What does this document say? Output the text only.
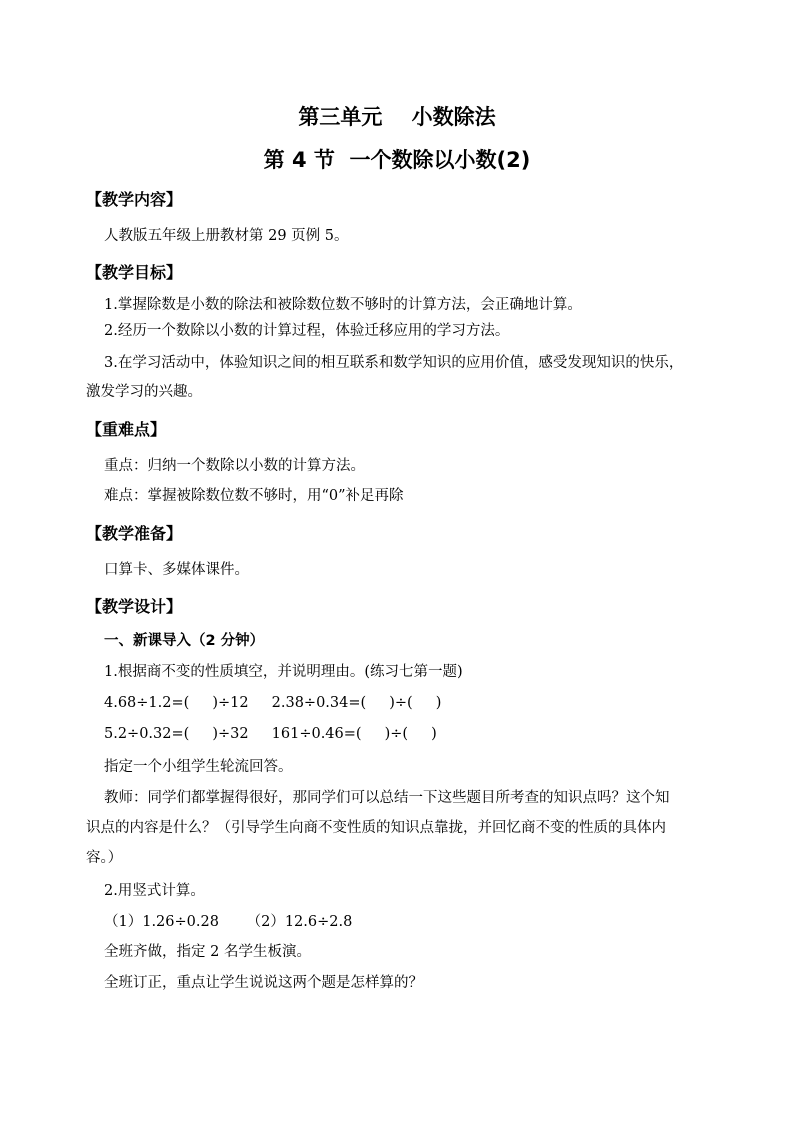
第三单元    小数除法
第 4 节  一个数除以小数(2)
【教学内容】
人教版五年级上册教材第 29 页例 5。
【教学目标】
1.掌握除数是小数的除法和被除数位数不够时的计算方法，会正确地计算。
2.经历一个数除以小数的计算过程，体验迁移应用的学习方法。
3.在学习活动中，体验知识之间的相互联系和数学知识的应用价值，感受发现知识的快乐，
激发学习的兴趣。
【重难点】
重点：归纳一个数除以小数的计算方法。
难点：掌握被除数位数不够时，用“0”补足再除
【教学准备】
口算卡、多媒体课件。
【教学设计】
一、新课导入（2 分钟）
1.根据商不变的性质填空，并说明理由。(练习七第一题)
4.68÷1.2=(     )÷12     2.38÷0.34=(     )÷(     )
5.2÷0.32=(     )÷32     161÷0.46=(     )÷(     )
指定一个小组学生轮流回答。
教师：同学们都掌握得很好，那同学们可以总结一下这些题目所考查的知识点吗？这个知
识点的内容是什么？（引导学生向商不变性质的知识点靠拢，并回忆商不变的性质的具体内
容。）
2.用竖式计算。
（1）1.26÷0.28      （2）12.6÷2.8
全班齐做，指定 2 名学生板演。
全班订正，重点让学生说说这两个题是怎样算的？
